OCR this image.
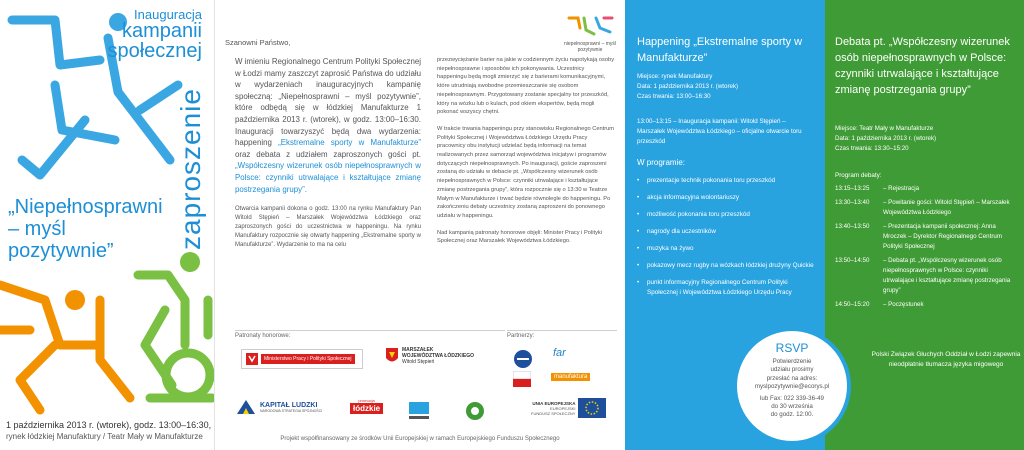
Inauguracja
kampanii
społecznej
zaproszenie
„Niepełnosprawni
– myśl
pozytywnie”
1 października 2013 r. (wtorek), godz. 13:00–16:30,
rynek łódzkiej Manufaktury / Teatr Mały w Manufakturze
niepełnosprawni – myśl pozytywnie
Szanowni Państwo,

W imieniu Regionalnego Centrum Polityki Społecznej w Łodzi mamy zaszczyt zaprosić Państwa do udziału w wydarzeniach inauguracyjnych kampanię społeczną: „Niepełnosprawni – myśl pozytywnie”, które odbędą się w łódzkiej Manufakturze 1 października 2013 r. (wtorek), w godz. 13:00–16:30. Inauguracji towarzyszyć będą dwa wydarzenia: happening „Ekstremalne sporty w Manufakturze” oraz debata z udziałem zaproszonych gości pt. „Współczesny wizerunek osób niepełnosprawnych w Polsce: czynniki utrwalające i kształtujące zmianę postrzegania grupy”.

Otwarcia kampanii dokona o godz. 13:00 na rynku Manufaktury Pan Witold Stępień – Marszałek Województwa Łódzkiego oraz zaproszonych gości do uczestnictwa w happeningu. Na rynku Manufaktury rozpocznie się otwarty happening „Ekstremalne sporty w Manufakturze”. Wydarzenie to ma na celu

przezwyciężanie barier na jakie w codziennym życiu napotykają osoby niepełnosprawne i sposobów ich pokonywania. Uczestnicy happeningu będą mogli zmierzyć się z barierami komunikacyjnymi, które utrudniają swobodne przemieszczanie się osobom niepełnosprawnym. Przygotowany zostanie specjalny tor przeszkód, który na wózku lub o kulach, pod okiem ekspertów, będą mogli pokonać wszyscy chętni.

W trakcie trwania happeningu przy stanowisku Regionalnego Centrum Polityki Społecznej i Województwa Łódzkiego Urzędu Pracy pracownicy obu instytucji udzielać będą informacji na temat realizowanych przez samorząd województwa inicjatyw i programów dotyczących niepełnosprawnych. Po inauguracji, goście zaproszeni zostaną do udziału w debacie pt. „Współczesny wizerunek osób niepełnosprawnych w Polsce: czynniki utrwalające i kształtujące zmianę postrzegania grupy”, która rozpocznie się o 13:30 w Teatrze Małym w Manufakturze i trwać będzie równolegle do happeningu. Po zakończeniu debaty uczestnicy zostaną zaproszeni do ponownego udziału w happeningu.

Nad kampanią patronaty honorowe objęli: Minister Pracy i Polityki Społecznej oraz Marszałek Województwa Łódzkiego.

Patronaty honorowe:
Ministerstwo Pracy i Polityki Społecznej
MARSZAŁEK
WOJEWÓDZTWA ŁÓDZKIEGO
Witold Stępień
Partnerzy:
far
manufaktura
KAPITAŁ LUDZKI
NARODOWA STRATEGIA SPÓJNOŚCI
promocja
łódzkie
UNIA EUROPEJSKA
EUROPEJSKI
FUNDUSZ SPOŁECZNY
Projekt współfinansowany ze środków Unii Europejskiej w ramach Europejskiego Funduszu Społecznego
Happening „Ekstremalne sporty w Manufakturze”
Miejsce: rynek Manufaktury
Data: 1 października 2013 r. (wtorek)
Czas trwania: 13:00–16:30
13:00–13:15 – Inauguracja kampanii: Witold Stępień – Marszałek Województwa Łódzkiego – oficjalne otwarcie toru przeszkód
W programie:
• prezentacje technik pokonania toru przeszkód
• akcja informacyjna wolontariuszy
• możliwość pokonania toru przeszkód
• nagrody dla uczestników
• muzyka na żywo
• pokazowy mecz rugby na wózkach łódzkiej drużyny Quickie
• punkt informacyjny Regionalnego Centrum Polityki Społecznej i Województwa Łódzkiego Urzędu Pracy
Debata pt. „Współczesny wizerunek osób niepełnosprawnych w Polsce: czynniki utrwalające i kształtujące zmianę postrzegania grupy”
Miejsce: Teatr Mały w Manufakturze
Data: 1 października 2013 r. (wtorek)
Czas trwania: 13:30–15:20
Program debaty:
13:15–13:25	– Rejestracja
13:30–13:40	– Powitanie gości: Witold Stępień – Marszałek Województwa Łódzkiego
13:40–13:50	– Prezentacja kampanii społecznej: Anna Mroczek – Dyrektor Regionalnego Centrum Polityki Społecznej
13:50–14:50	– Debata pt. „Współczesny wizerunek osób niepełnosprawnych w Polsce: czynniki utrwalające i kształtujące zmianę postrzegania grupy”
14:50–15:20	– Poczęstunek
Polski Związek Głuchych Oddział w Łodzi zapewnia nieodpłatnie tłumacza języka migowego
RSVP
Potwierdzenie
udziału prosimy
przesłać na adres:
myslpozytywnie@ecorys.pl
lub Fax: 022 339-36-49
do 30 września
do godz. 12:00.
